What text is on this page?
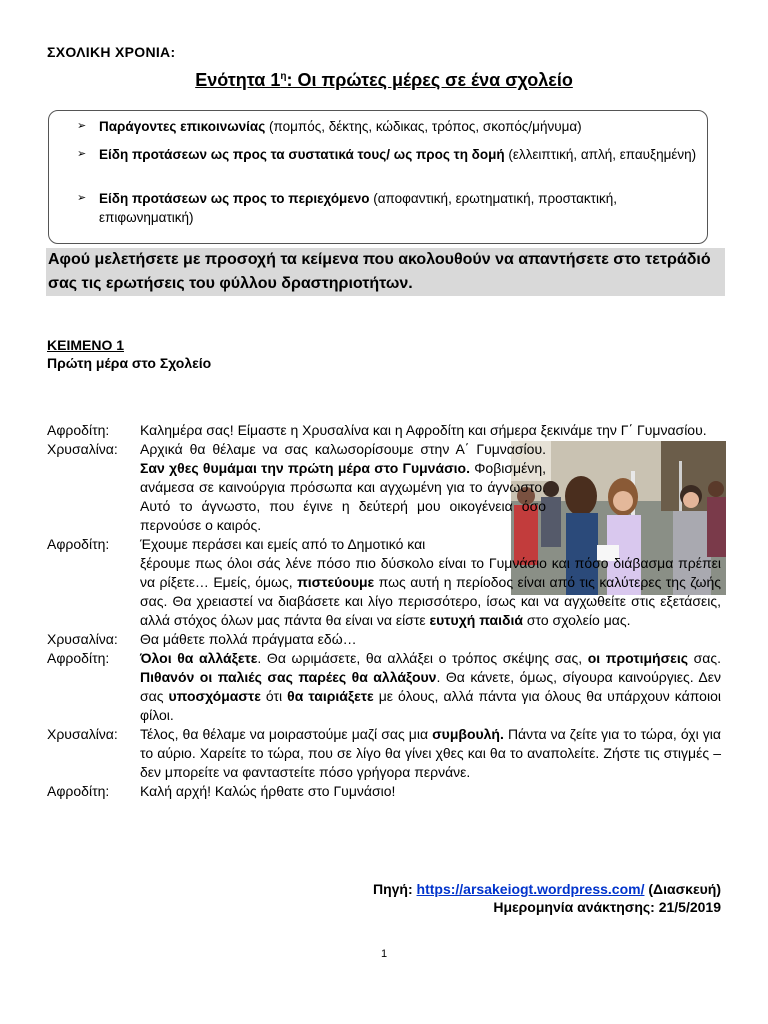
ΣΧΟΛΙΚΗ ΧΡΟΝΙΑ:
Ενότητα $1^\eta$: Οι πρώτες μέρες σε ένα σχολείο
➢ Παράγοντες επικοινωνίας (πομπός, δέκτης, κώδικας, τρόπος, σκοπός/μήνυμα)
➢ Είδη προτάσεων ως προς τα συστατικά τους/ ως προς τη δομή (ελλειπτική, απλή, επαυξημένη)
➢ Είδη προτάσεων ως προς το περιεχόμενο (αποφαντική, ερωτηματική, προστακτική, επιφωνηματική)
Αφού μελετήσετε με προσοχή τα κείμενα που ακολουθούν να απαντήσετε στο τετράδιό σας τις ερωτήσεις του φύλλου δραστηριοτήτων.
ΚΕΙΜΕΝΟ 1
Πρώτη μέρα στο Σχολείο
Αφροδίτη:	Καλημέρα σας! Είμαστε η Χρυσαλίνα και η Αφροδίτη και σήμερα ξεκινάμε την Γ΄ Γυμνασίου.
Χρυσαλίνα:	Αρχικά θα θέλαμε να σας καλωσορίσουμε στην Α΄ Γυμνασίου. Σαν χθες θυμάμαι την πρώτη μέρα στο Γυμνάσιο. Φοβισμένη, ανάμεσα σε καινούργια πρόσωπα και αγχωμένη για το άγνωστο. Αυτό το άγνωστο, που έγινε η δεύτερή μου οικογένεια όσο περνούσε ο καιρός.
Αφροδίτη:	Έχουμε περάσει και εμείς από το Δημοτικό και
ξέρουμε πως όλοι σάς λένε πόσο πιο δύσκολο είναι το Γυμνάσιο και πόσο διάβασμα πρέπει να ρίξετε… Εμείς, όμως, πιστεύουμε πως αυτή η περίοδος είναι από τις καλύτερες της ζωής σας. Θα χρειαστεί να διαβάσετε και λίγο περισσότερο, ίσως και να αγχωθείτε στις εξετάσεις, αλλά στόχος όλων μας πάντα θα είναι να είστε ευτυχή παιδιά στο σχολείο μας.
Χρυσαλίνα:	Θα μάθετε πολλά πράγματα εδώ…
Αφροδίτη:	Όλοι θα αλλάξετε. Θα ωριμάσετε, θα αλλάξει ο τρόπος σκέψης σας, οι προτιμήσεις σας. Πιθανόν οι παλιές σας παρέες θα αλλάξουν. Θα κάνετε, όμως, σίγουρα καινούργιες. Δεν σας υποσχόμαστε ότι θα ταιριάξετε με όλους, αλλά πάντα για όλους θα υπάρχουν κάποιοι φίλοι.
Χρυσαλίνα:	Τέλος, θα θέλαμε να μοιραστούμε μαζί σας μια συμβουλή. Πάντα να ζείτε για το τώρα, όχι για το αύριο. Χαρείτε το τώρα, που σε λίγο θα γίνει χθες και θα το αναπολείτε. Ζήστε τις στιγμές –δεν μπορείτε να φανταστείτε πόσο γρήγορα περνάνε.
Αφροδίτη:	Καλή αρχή! Καλώς ήρθατε στο Γυμνάσιο!
Πηγή: https://arsakeiogt.wordpress.com/ (Διασκευή)
Ημερομηνία ανάκτησης: 21/5/2019
1
